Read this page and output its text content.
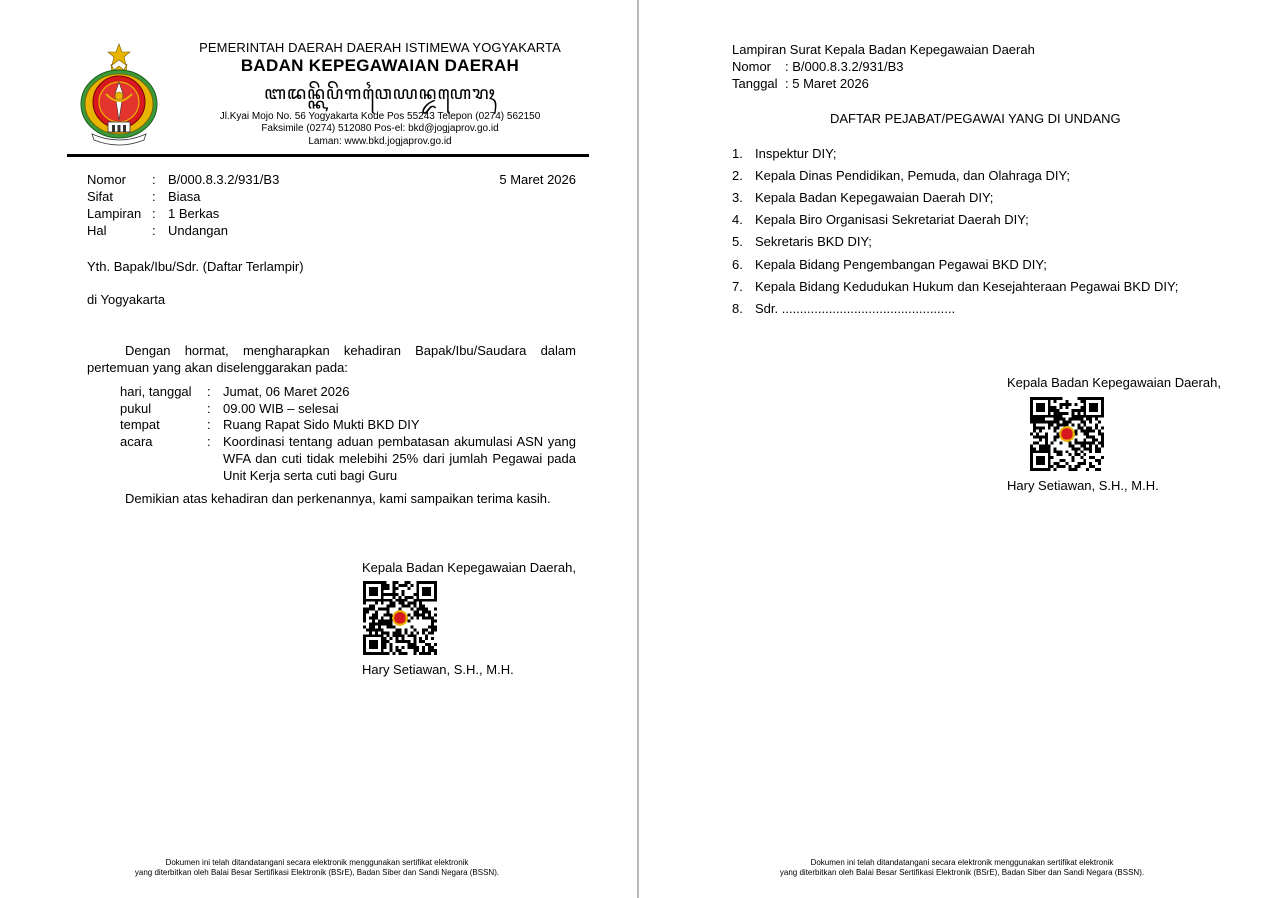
PEMERINTAH DAERAH DAERAH ISTIMEWA YOGYAKARTA
BADAN KEPEGAWAIAN DAERAH
ꦧꦢꦤ꧀ꦏꦼꦥꦼꦒꦮꦻꦪꦤ꧀ꦢꦲꦺꦫꦃ
Jl.Kyai Mojo No. 56 Yogyakarta Kode Pos 55243 Telepon (0274) 562150
Faksimile (0274) 512080 Pos-el: bkd@jogjaprov.go.id
Laman: www.bkd.jogjaprov.go.id
Nomor : B/000.8.3.2/931/B3
Sifat	: Biasa
Lampiran : 1 Berkas
Hal	: Undangan
5 Maret 2026
Yth. Bapak/Ibu/Sdr. (Daftar Terlampir)
di Yogyakarta
Dengan hormat, mengharapkan kehadiran Bapak/Ibu/Saudara dalam pertemuan yang akan diselenggarakan pada:
hari, tanggal : Jumat, 06 Maret 2026
pukul	: 09.00 WIB – selesai
tempat	: Ruang Rapat Sido Mukti BKD DIY
acara	: Koordinasi tentang aduan pembatasan akumulasi ASN yang WFA dan cuti tidak melebihi 25% dari jumlah Pegawai pada Unit Kerja serta cuti bagi Guru
Demikian atas kehadiran dan perkenannya, kami sampaikan terima kasih.
Kepala Badan Kepegawaian Daerah,
Hary Setiawan, S.H., M.H.
Dokumen ini telah ditandatangani secara elektronik menggunakan sertifikat elektronik
yang diterbitkan oleh Balai Besar Sertifikasi Elektronik (BSrE), Badan Siber dan Sandi Negara (BSSN).
Lampiran Surat Kepala Badan Kepegawaian Daerah
Nomor : B/000.8.3.2/931/B3
Tanggal : 5 Maret 2026
DAFTAR PEJABAT/PEGAWAI YANG DI UNDANG
1. Inspektur DIY;
2. Kepala Dinas Pendidikan, Pemuda, dan Olahraga DIY;
3. Kepala Badan Kepegawaian Daerah DIY;
4. Kepala Biro Organisasi Sekretariat Daerah DIY;
5. Sekretaris BKD DIY;
6. Kepala Bidang Pengembangan Pegawai BKD DIY;
7. Kepala Bidang Kedudukan Hukum dan Kesejahteraan Pegawai BKD DIY;
8. Sdr. ................................................
Kepala Badan Kepegawaian Daerah,
Hary Setiawan, S.H., M.H.
Dokumen ini telah ditandatangani secara elektronik menggunakan sertifikat elektronik
yang diterbitkan oleh Balai Besar Sertifikasi Elektronik (BSrE), Badan Siber dan Sandi Negara (BSSN).
